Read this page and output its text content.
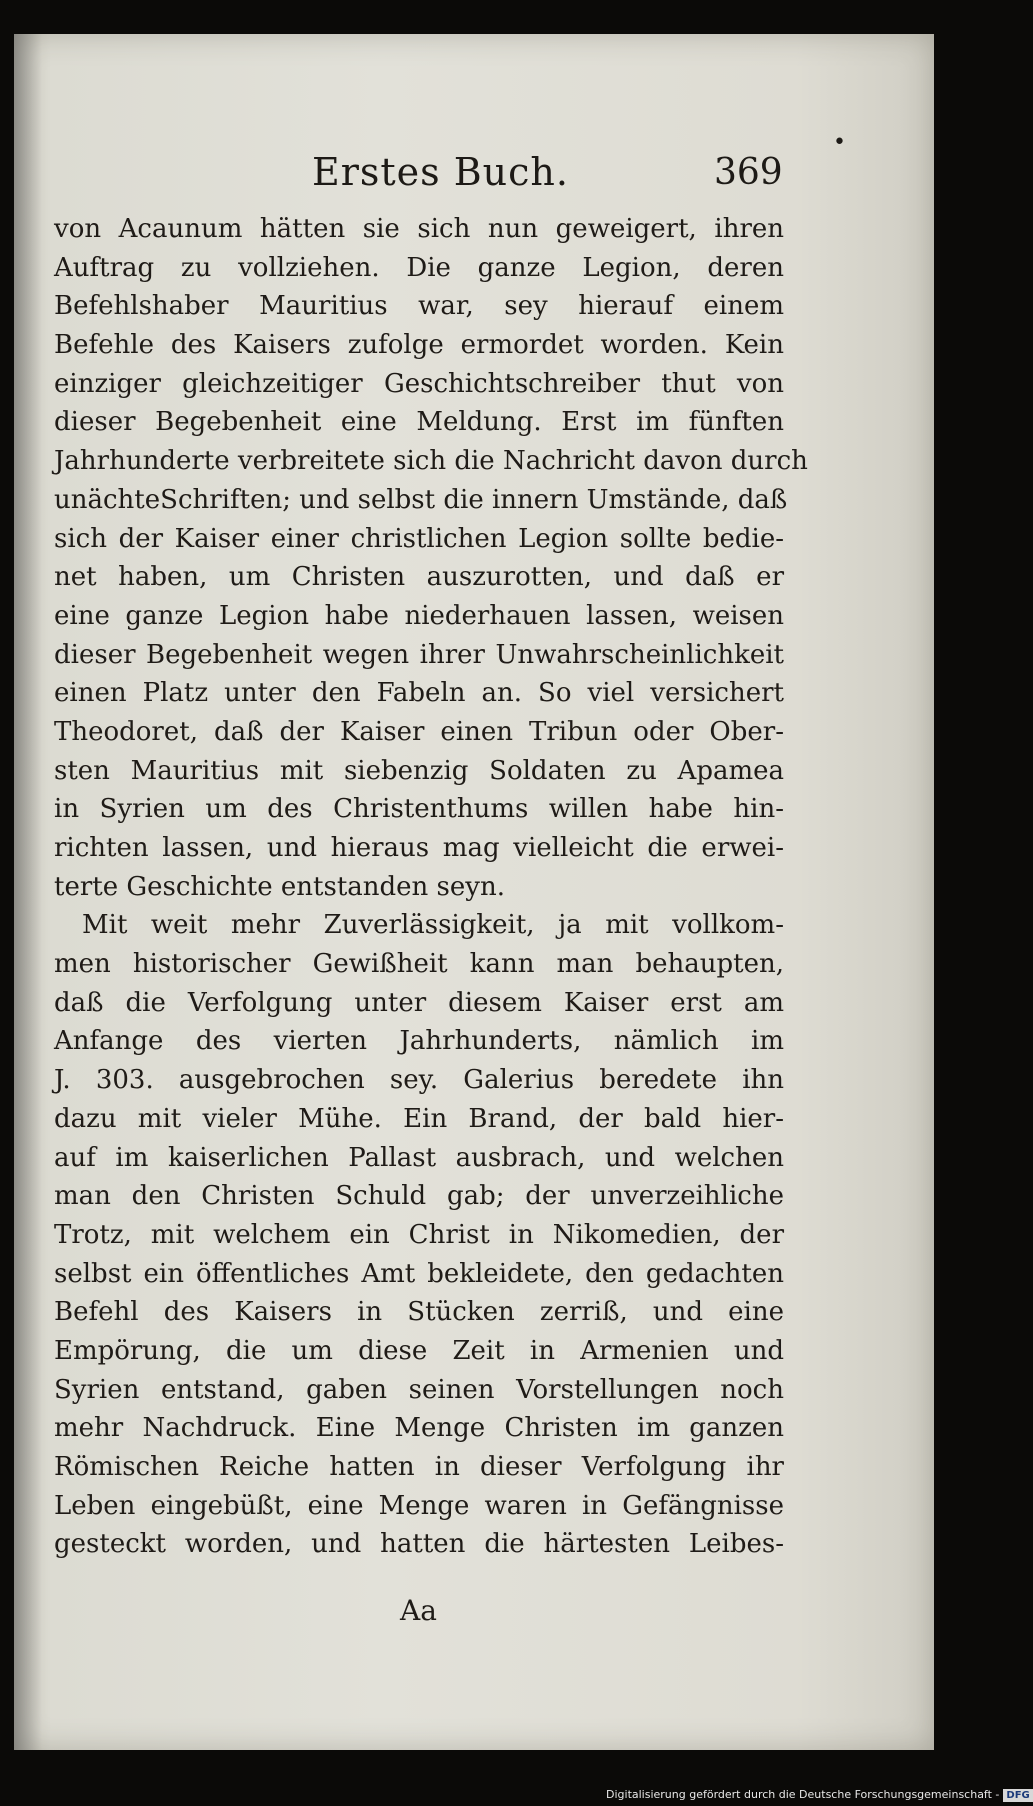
Erstes Buch.	369
von Acaunum hätten sie sich nun geweigert, ihren
Auftrag zu vollziehen. Die ganze Legion, deren
Befehlshaber Mauritius war, sey hierauf einem
Befehle des Kaisers zufolge ermordet worden. Kein
einziger gleichzeitiger Geschichtschreiber thut von
dieser Begebenheit eine Meldung. Erst im fünften
Jahrhunderte verbreitete sich die Nachricht davon durch
unächteSchriften; und selbst die innern Umstände, daß
sich der Kaiser einer christlichen Legion sollte bedie-
net haben, um Christen auszurotten, und daß er
eine ganze Legion habe niederhauen lassen, weisen
dieser Begebenheit wegen ihrer Unwahrscheinlichkeit
einen Platz unter den Fabeln an. So viel versichert
Theodoret, daß der Kaiser einen Tribun oder Ober-
sten Mauritius mit siebenzig Soldaten zu Apamea
in Syrien um des Christenthums willen habe hin-
richten lassen, und hieraus mag vielleicht die erwei-
terte Geschichte entstanden seyn.
Mit weit mehr Zuverlässigkeit, ja mit vollkom-
men historischer Gewißheit kann man behaupten,
daß die Verfolgung unter diesem Kaiser erst am
Anfange des vierten Jahrhunderts, nämlich im
J. 303. ausgebrochen sey. Galerius beredete ihn
dazu mit vieler Mühe. Ein Brand, der bald hier-
auf im kaiserlichen Pallast ausbrach, und welchen
man den Christen Schuld gab; der unverzeihliche
Trotz, mit welchem ein Christ in Nikomedien, der
selbst ein öffentliches Amt bekleidete, den gedachten
Befehl des Kaisers in Stücken zerriß, und eine
Empörung, die um diese Zeit in Armenien und
Syrien entstand, gaben seinen Vorstellungen noch
mehr Nachdruck. Eine Menge Christen im ganzen
Römischen Reiche hatten in dieser Verfolgung ihr
Leben eingebüßt, eine Menge waren in Gefängnisse
gesteckt worden, und hatten die härtesten Leibes-
Aa
•
Digitalisierung gefördert durch die Deutsche Forschungsgemeinschaft - DFG
